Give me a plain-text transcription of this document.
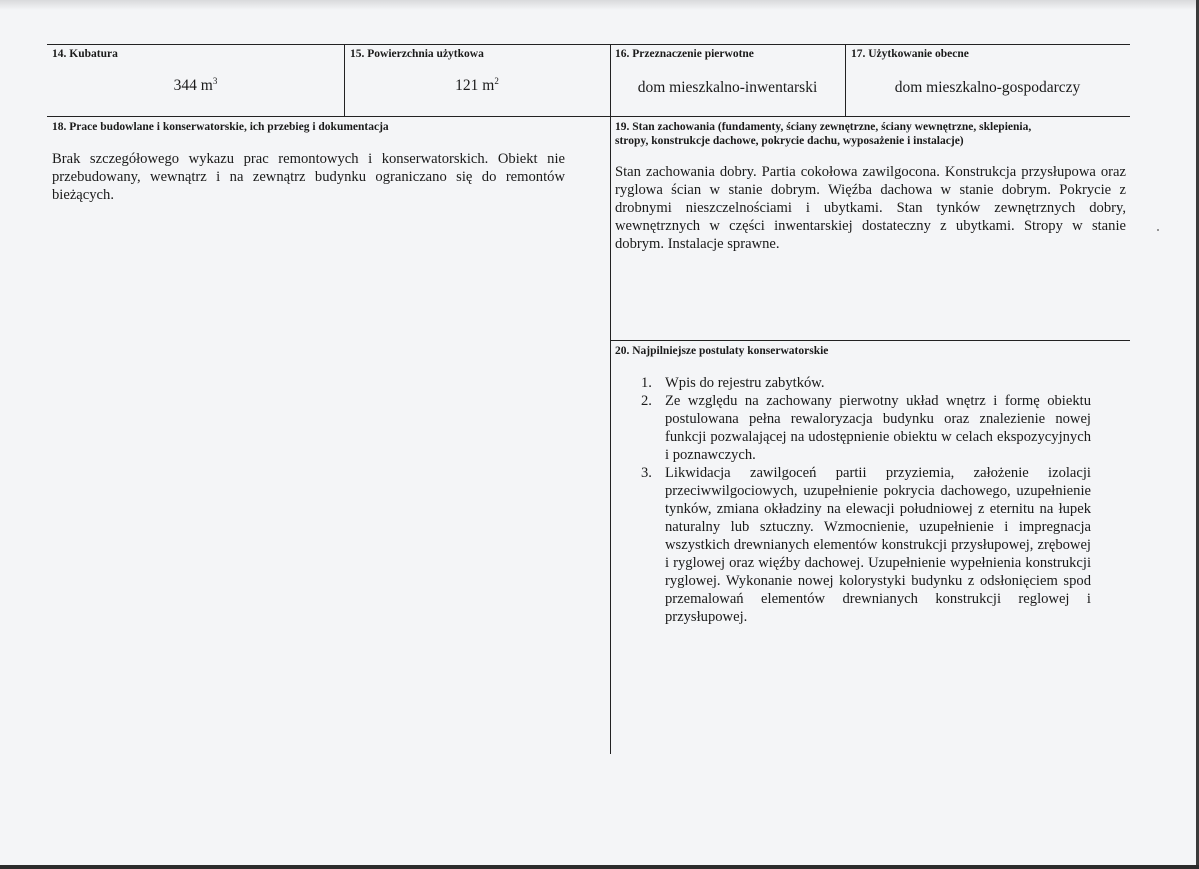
14. Kubatura
344 $m^3$
15. Powierzchnia użytkowa
121 $m^2$
16. Przeznaczenie pierwotne
dom mieszkalno-inwentarski
17. Użytkowanie obecne
dom mieszkalno-gospodarczy
18. Prace budowlane i konserwatorskie, ich przebieg i dokumentacja
Brak szczegółowego wykazu prac remontowych i konserwatorskich. Obiekt nie przebudowany, wewnątrz i na zewnątrz budynku ograniczano się do remontów bieżących.
19. Stan zachowania (fundamenty, ściany zewnętrzne, ściany wewnętrzne, sklepienia,
stropy, konstrukcje dachowe, pokrycie dachu, wyposażenie i instalacje)
Stan zachowania dobry. Partia cokołowa zawilgocona. Konstrukcja przysłupowa oraz ryglowa ścian w stanie dobrym. Więźba dachowa w stanie dobrym. Pokrycie z drobnymi nieszczelnościami i ubytkami. Stan tynków zewnętrznych dobry, wewnętrznych w części inwentarskiej dostateczny z ubytkami. Stropy w stanie dobrym. Instalacje sprawne.
20. Najpilniejsze postulaty konserwatorskie
1. Wpis do rejestru zabytków.
2. Ze względu na zachowany pierwotny układ wnętrz i formę obiektu postulowana pełna rewaloryzacja budynku oraz znalezienie nowej funkcji pozwalającej na udostępnienie obiektu w celach ekspozycyjnych i poznawczych.
3. Likwidacja zawilgoceń partii przyziemia, założenie izolacji przeciwwilgociowych, uzupełnienie pokrycia dachowego, uzupełnienie tynków, zmiana okładziny na elewacji południowej z eternitu na łupek naturalny lub sztuczny. Wzmocnienie, uzupełnienie i impregnacja wszystkich drewnianych elementów konstrukcji przysłupowej, zrębowej i ryglowej oraz więźby dachowej. Uzupełnienie wypełnienia konstrukcji ryglowej. Wykonanie nowej kolorystyki budynku z odsłonięciem spod przemalowań elementów drewnianych konstrukcji reglowej i przysłupowej.
